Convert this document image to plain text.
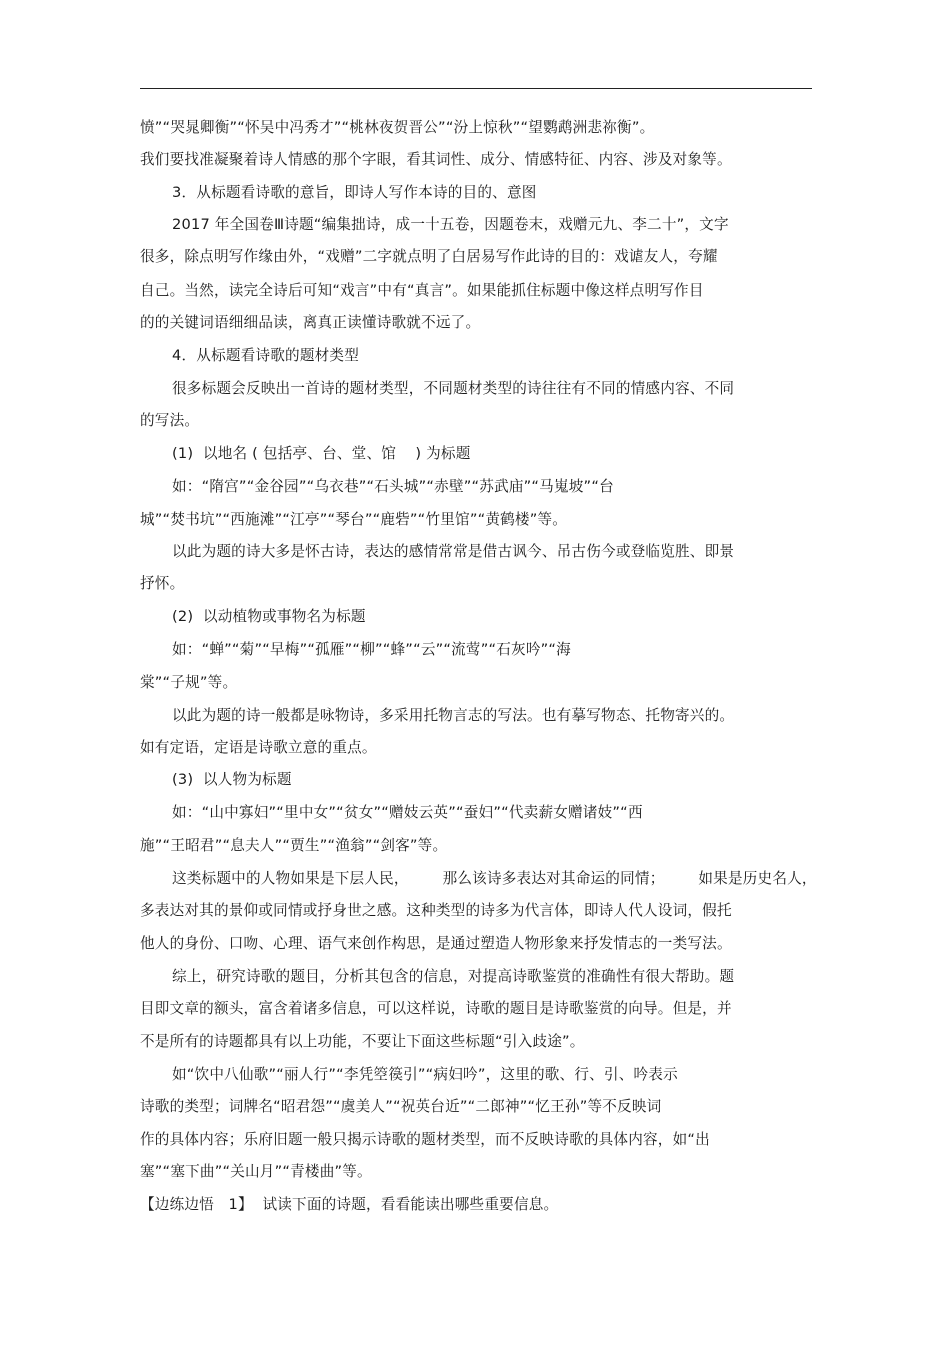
愤”“哭晁卿衡”“怀吴中冯秀才”“桃林夜贺晋公”“汾上惊秋”“望鹦鹉洲悲祢衡”。
我们要找准凝聚着诗人情感的那个字眼，看其词性、成分、情感特征、内容、涉及对象等。
3．从标题看诗歌的意旨，即诗人写作本诗的目的、意图
2017 年全国卷Ⅲ诗题“编集拙诗，成一十五卷，因题卷末，戏赠元九、李二十”，文字
很多，除点明写作缘由外，“戏赠”二字就点明了白居易写作此诗的目的：戏谑友人，夸耀
自己。当然，读完全诗后可知“戏言”中有“真言”。如果能抓住标题中像这样点明写作目
的的关键词语细细品读，离真正读懂诗歌就不远了。
4．从标题看诗歌的题材类型
很多标题会反映出一首诗的题材类型，不同题材类型的诗往往有不同的情感内容、不同
的写法。
(1)  以地名 ( 包括亭、台、堂、馆    ) 为标题
如：“隋宫”“金谷园”“乌衣巷”“石头城”“赤壁”“苏武庙”“马嵬坡”“台
城”“焚书坑”“西施滩”“江亭”“琴台”“鹿砦”“竹里馆”“黄鹤楼”等。
以此为题的诗大多是怀古诗，表达的感情常常是借古讽今、吊古伤今或登临览胜、即景
抒怀。
(2)  以动植物或事物名为标题
如：“蝉”“菊”“早梅”“孤雁”“柳”“蜂”“云”“流莺”“石灰吟”“海
棠”“子规”等。
以此为题的诗一般都是咏物诗，多采用托物言志的写法。也有摹写物态、托物寄兴的。
如有定语，定语是诗歌立意的重点。
(3)  以人物为标题
如：“山中寡妇”“里中女”“贫女”“赠妓云英”“蚕妇”“代卖薪女赠诸妓”“西
施”“王昭君”“息夫人”“贾生”“渔翁”“剑客”等。
这类标题中的人物如果是下层人民，       那么该诗多表达对其命运的同情；       如果是历史名人，
多表达对其的景仰或同情或抒身世之感。这种类型的诗多为代言体，即诗人代人设词，假托
他人的身份、口吻、心理、语气来创作构思，是通过塑造人物形象来抒发情志的一类写法。
综上，研究诗歌的题目，分析其包含的信息，对提高诗歌鉴赏的准确性有很大帮助。题
目即文章的额头，富含着诸多信息，可以这样说，诗歌的题目是诗歌鉴赏的向导。但是，并
不是所有的诗题都具有以上功能，不要让下面这些标题“引入歧途”。
如“饮中八仙歌”“丽人行”“李凭箜篌引”“病妇吟”，这里的歌、行、引、吟表示
诗歌的类型；词牌名“昭君怨”“虞美人”“祝英台近”“二郎神”“忆王孙”等不反映词
作的具体内容；乐府旧题一般只揭示诗歌的题材类型，而不反映诗歌的具体内容，如“出
塞”“塞下曲”“关山月”“青楼曲”等。
【边练边悟   1】  试读下面的诗题，看看能读出哪些重要信息。
